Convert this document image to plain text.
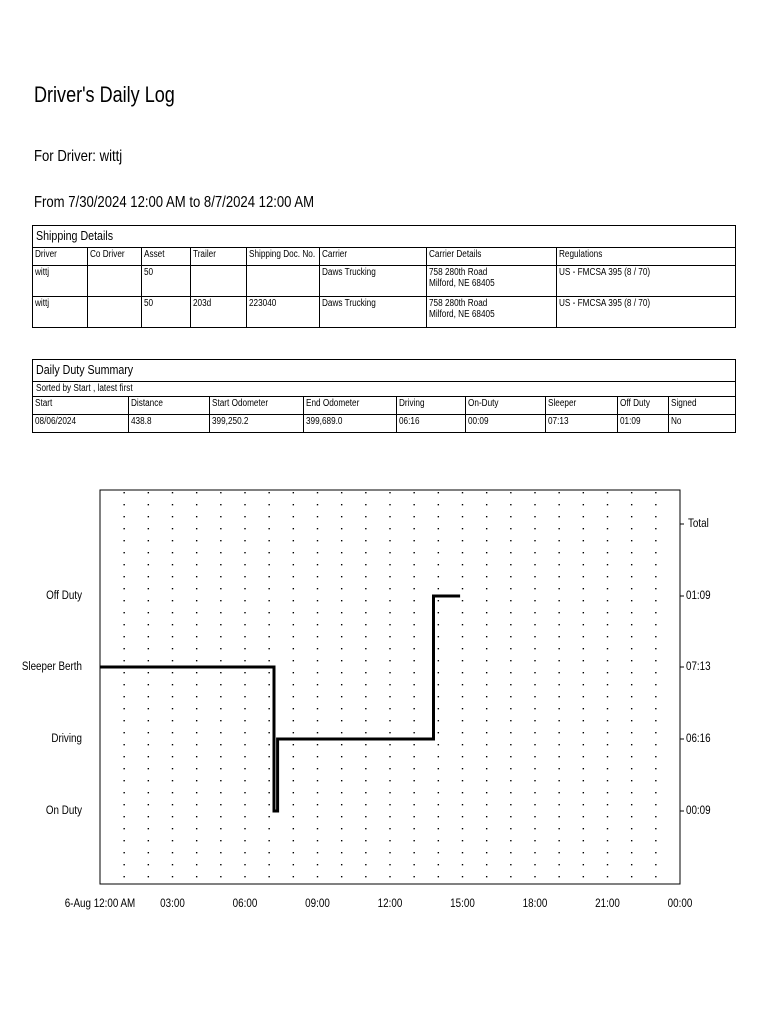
Driver's Daily Log
For Driver: wittj
From 7/30/2024 12:00 AM to 8/7/2024 12:00 AM
Shipping Details
Driver	Co Driver	Asset	Trailer	Shipping Doc. No.	Carrier	Carrier Details	Regulations
wittj		50			Daws Trucking	758 280th Road
Milford, NE 68405	US - FMCSA 395 (8 / 70)
wittj		50	203d	223040	Daws Trucking	758 280th Road
Milford, NE 68405	US - FMCSA 395 (8 / 70)
Daily Duty Summary
Sorted by Start , latest first
Start	Distance	Start Odometer	End Odometer	Driving	On-Duty	Sleeper	Off Duty	Signed
08/06/2024	438.8	399,250.2	399,689.0	06:16	00:09	07:13	01:09	No
Off Duty	01:09
Sleeper Berth	07:13
Driving	06:16
On Duty	00:09
Total
6-Aug 12:00 AM 03:00	06:00	09:00	12:00	15:00	18:00	21:00	00:00
